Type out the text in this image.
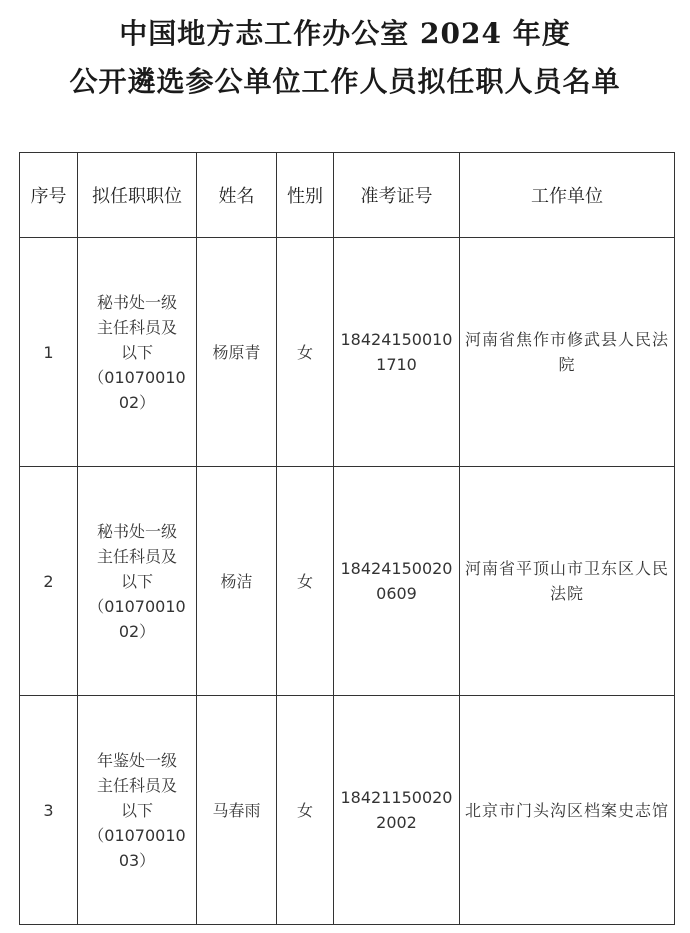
中国地方志工作办公室 2024 年度
公开遴选参公单位工作人员拟任职人员名单
序号	拟任职职位	姓名	性别	准考证号	工作单位
1	秘书处一级
主任科员及
以下
（01070010
02）	杨原青	女	18424150010
1710	河南省焦作市修武县人民法院
2	秘书处一级
主任科员及
以下
（01070010
02）	杨洁	女	18424150020
0609	河南省平顶山市卫东区人民法院
3	年鉴处一级
主任科员及
以下
（01070010
03）	马春雨	女	18421150020
2002	北京市门头沟区档案史志馆
